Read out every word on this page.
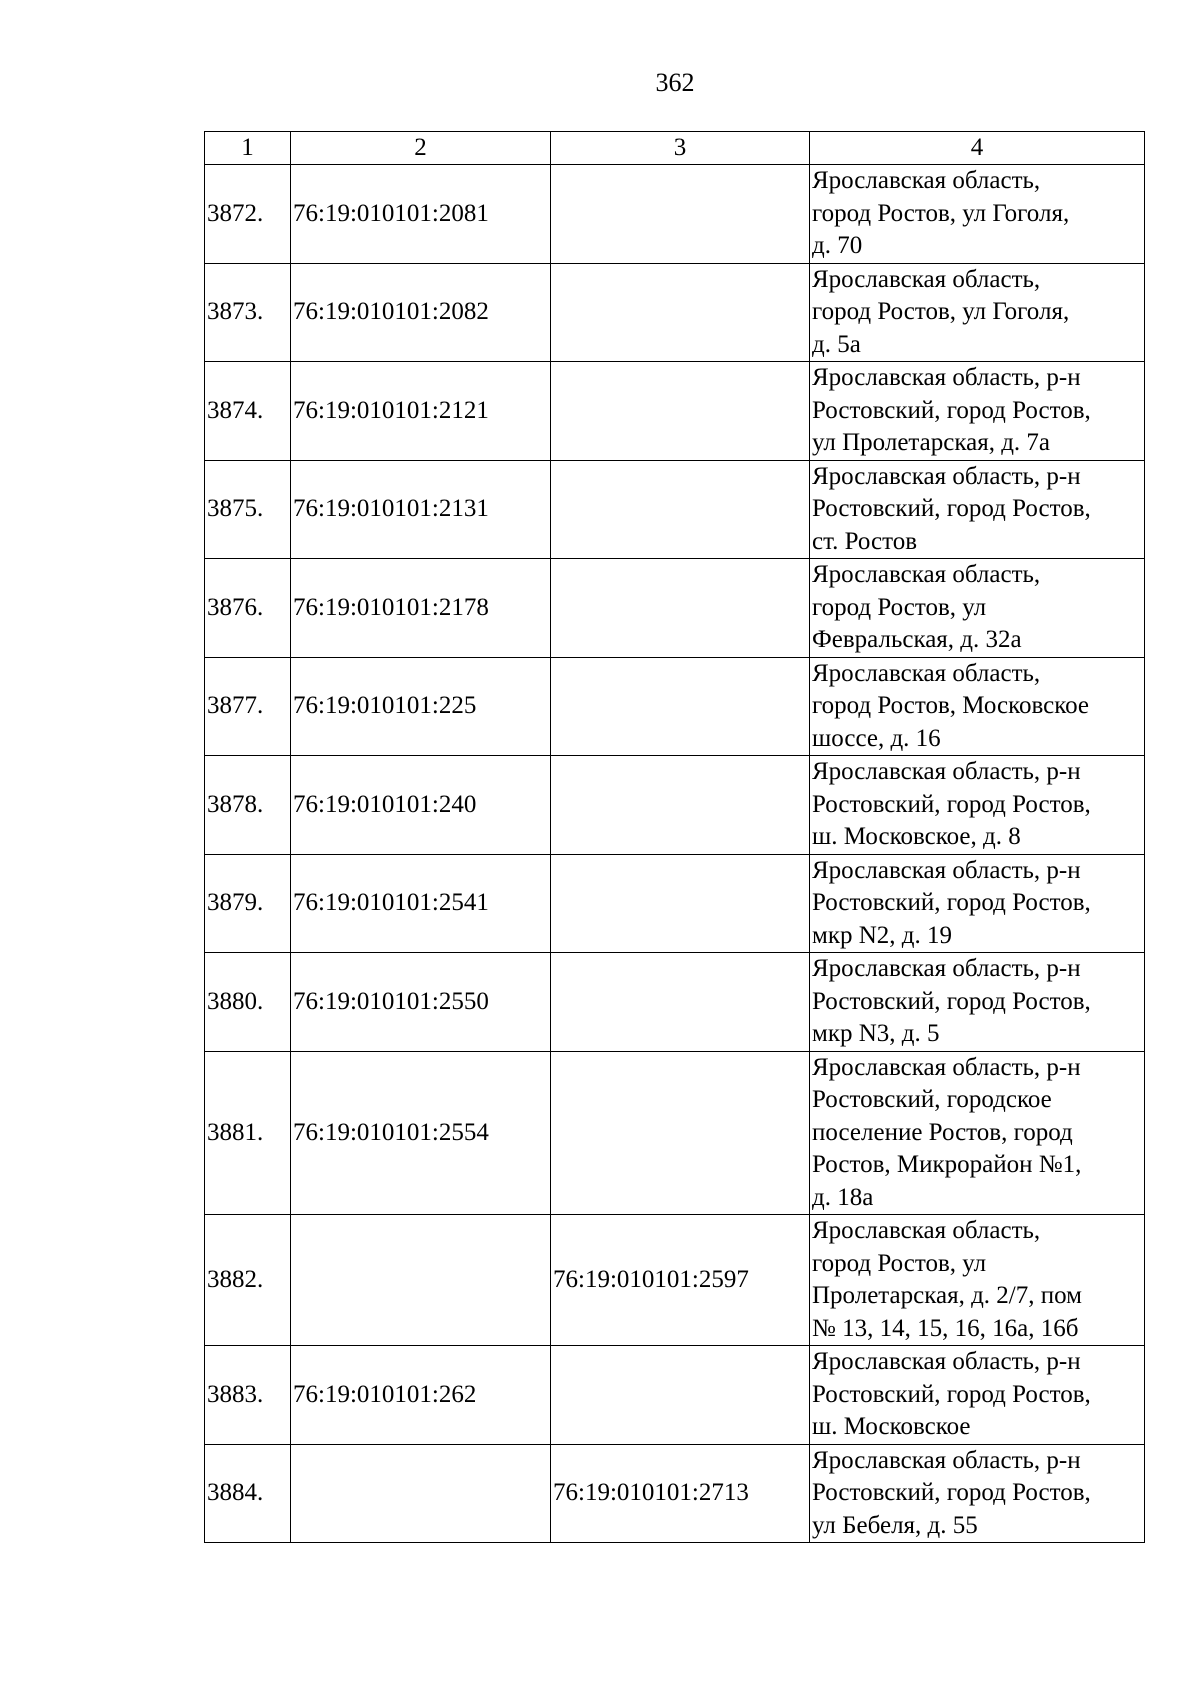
362
1	2	3	4
3872.	76:19:010101:2081		Ярославская область,
город Ростов, ул Гоголя,
д. 70

3873.	76:19:010101:2082		Ярославская область,
город Ростов, ул Гоголя,
д. 5а

3874.	76:19:010101:2121		Ярославская область, р-н
Ростовский, город Ростов,
ул Пролетарская, д. 7а

3875.	76:19:010101:2131		Ярославская область, р-н
Ростовский, город Ростов,
ст. Ростов

3876.	76:19:010101:2178		Ярославская область,
город Ростов, ул
Февральская, д. 32а

3877.	76:19:010101:225		Ярославская область,
город Ростов, Московское
шоссе, д. 16

3878.	76:19:010101:240		Ярославская область, р-н
Ростовский, город Ростов,
ш. Московское, д. 8

3879.	76:19:010101:2541		Ярославская область, р-н
Ростовский, город Ростов,
мкр N2, д. 19

3880.	76:19:010101:2550		Ярославская область, р-н
Ростовский, город Ростов,
мкр N3, д. 5

3881.	76:19:010101:2554		Ярославская область, р-н
Ростовский, городское
поселение Ростов, город
Ростов, Микрорайон №1,
д. 18а

3882.		76:19:010101:2597	Ярославская область,
город Ростов, ул
Пролетарская, д. 2/7, пом
№ 13, 14, 15, 16, 16а, 16б

3883.	76:19:010101:262		Ярославская область, р-н
Ростовский, город Ростов,
ш. Московское

3884.		76:19:010101:2713	Ярославская область, р-н
Ростовский, город Ростов,
ул Бебеля, д. 55
